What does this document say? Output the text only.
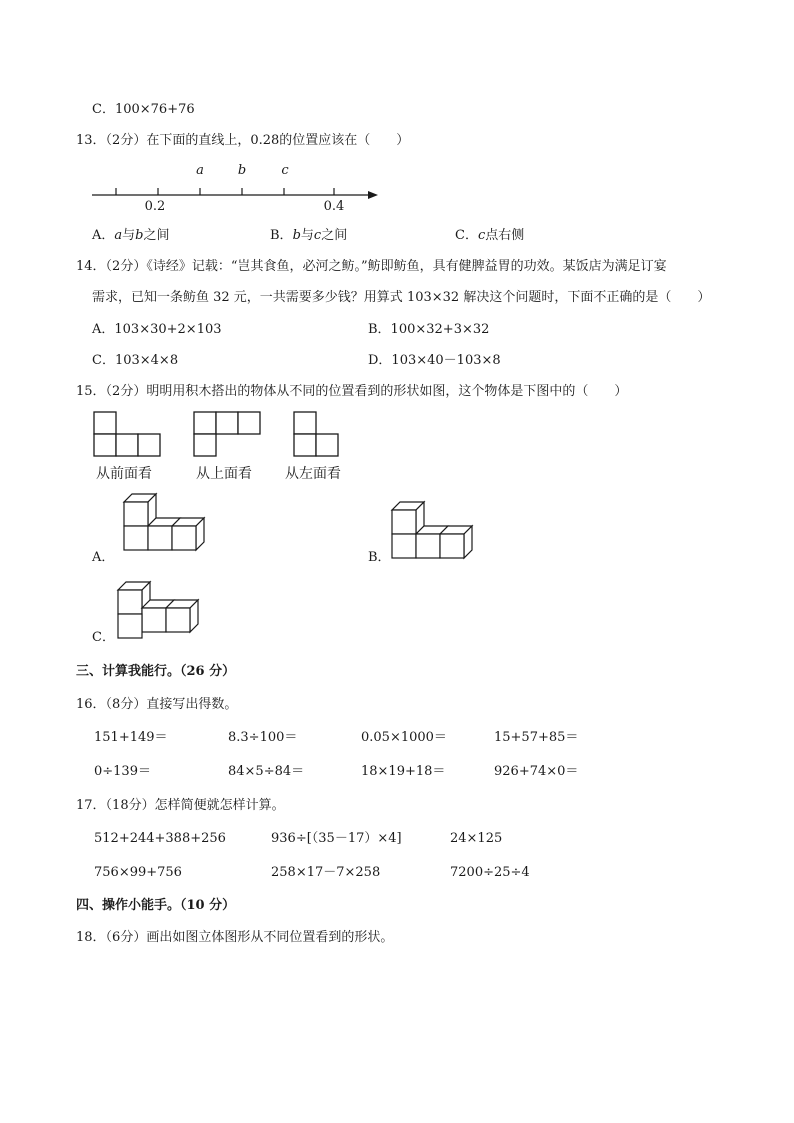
C．100×76+76
13．（2分）在下面的直线上，0.28的位置应该在（　　）
a	b	c
0.2	0.4
A．a与b之间	B．b与c之间	C．c点右侧
14．（2分）《诗经》记载：“岂其食鱼，必河之鲂。”鲂即鲂鱼，具有健脾益胃的功效。某饭店为满足订宴
需求，已知一条鲂鱼 32 元，一共需要多少钱？用算式 103×32 解决这个问题时，下面不正确的是（　　）
A．103×30+2×103	B．100×32+3×32
C．103×4×8	D．103×40－103×8
15．（2分）明明用积木搭出的物体从不同的位置看到的形状如图，这个物体是下图中的（　　）
从前面看	从上面看 从左面看
A．	B．
C．
三、计算我能行。（26 分）
16．（8分）直接写出得数。
151+149＝	8.3÷100＝	0.05×1000＝	15+57+85＝
0÷139＝	84×5÷84＝	18×19+18＝	926+74×0＝
17．（18分）怎样简便就怎样计算。
512+244+388+256	936÷[（35－17）×4]	24×125
756×99+756	258×17－7×258	7200÷25÷4
四、操作小能手。（10 分）
18．（6分）画出如图立体图形从不同位置看到的形状。
